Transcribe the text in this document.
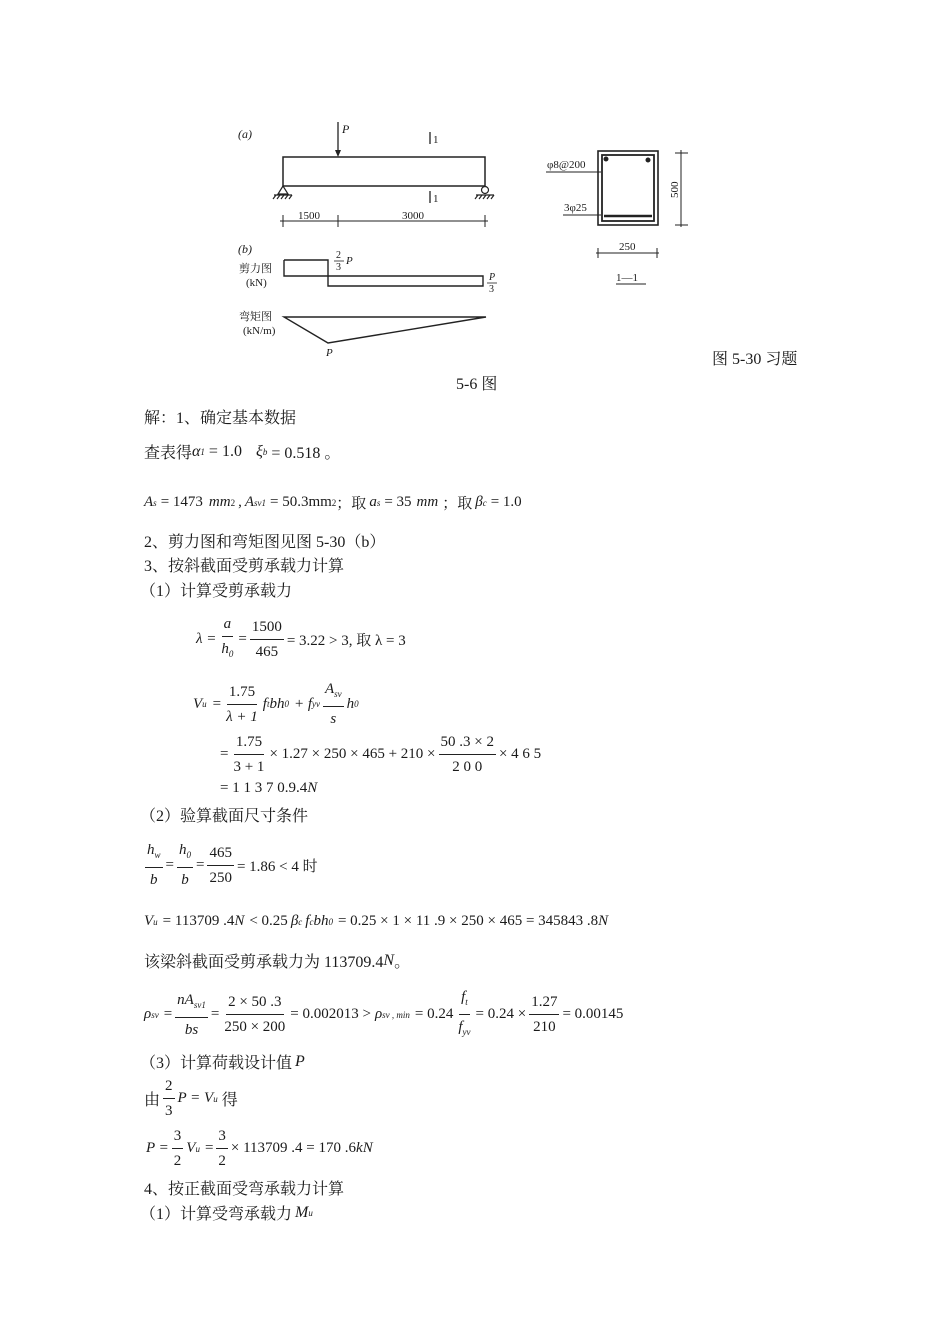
(a)	P
1
1
1500	3000
(b)
剪力图
(kN)
2
3
P
P
3
弯矩图
(kN/m)
P
φ8@200
3φ25
500
250
1—1
图 5-30 习题
5-6 图
解：1、确定基本数据
查表得 α 1 = 1.0 ξ b = 0.518 。
A s = 1473 mm 2 , A sv1 = 50.3mm 2 ；取 a s = 35 mm ；取 β c = 1.0
2、剪力图和弯矩图见图 5-30（b）
3、按斜截面受剪承载力计算
（1）计算受剪承载力
$\lambda = \frac{a}{h_0} = \frac{1500}{465} = 3.22 > 3$, 取 λ = 3
V $u = \frac{1.75}{\lambda + 1}$ f t bh 0 + f yv $\frac{A_{sv}}{s}$ h 0
= $\frac{1.75}{3 + 1} \times 1.27 \times 250 \times 465 + 210 \times \frac{50 .3 \times 2}{2 0 0} \times 4$ 6 5
= 1 1 3 7 0.9.4 N
（2）验算截面尺寸条件
$\frac{h_w}{b} = \frac{h_0}{b} = \frac{465}{250} = 1.86 < 4$ 时
V u = 113709 .4 N < 0.25 β c f c bh 0 = 0.25 × 1 × 11 .9 × 250 × 465 = 345843 .8 N
该梁斜截面受剪承载力为 113709.4 N 。
ρ sv = $\frac{nA_{sv1}}{bs} = \frac{2 \times 50 .3}{250 \times 200} = 0.002013 > \rho$ sv , $\min = 0.24 \frac{f_t}{f_{yv}} = 0.24 \times \frac{1.27}{210} = 0.00145$
（3）计算荷载设计值 P
由 $\frac{2}{3}$ P = V u 得
$P = \frac{3}{2}$ V $u = \frac{3}{2} \times 113709$ .4 = 170 .6 kN
4、按正截面受弯承载力计算
（1）计算受弯承载力 M u
